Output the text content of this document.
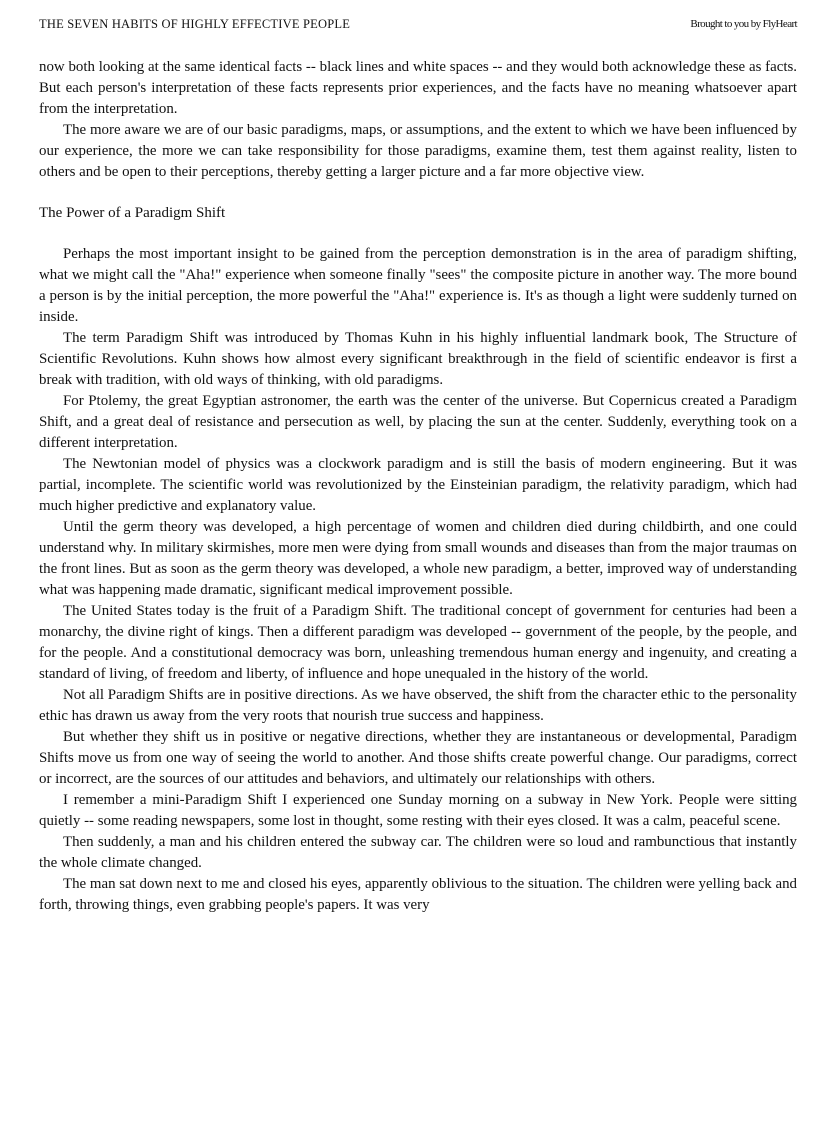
THE SEVEN HABITS OF HIGHLY EFFECTIVE PEOPLE	Brought to you by FlyHeart

now both looking at the same identical facts -- black lines and white spaces -- and they would both acknowledge these as facts. But each person's interpretation of these facts represents prior experiences, and the facts have no meaning whatsoever apart from the interpretation.

The more aware we are of our basic paradigms, maps, or assumptions, and the extent to which we have been influenced by our experience, the more we can take responsibility for those paradigms, examine them, test them against reality, listen to others and be open to their perceptions, thereby getting a larger picture and a far more objective view.

The Power of a Paradigm Shift

Perhaps the most important insight to be gained from the perception demonstration is in the area of paradigm shifting, what we might call the "Aha!" experience when someone finally "sees" the composite picture in another way. The more bound a person is by the initial perception, the more powerful the "Aha!" experience is. It's as though a light were suddenly turned on inside.

The term Paradigm Shift was introduced by Thomas Kuhn in his highly influential landmark book, The Structure of Scientific Revolutions. Kuhn shows how almost every significant breakthrough in the field of scientific endeavor is first a break with tradition, with old ways of thinking, with old paradigms.

For Ptolemy, the great Egyptian astronomer, the earth was the center of the universe. But Copernicus created a Paradigm Shift, and a great deal of resistance and persecution as well, by placing the sun at the center. Suddenly, everything took on a different interpretation.

The Newtonian model of physics was a clockwork paradigm and is still the basis of modern engineering. But it was partial, incomplete. The scientific world was revolutionized by the Einsteinian paradigm, the relativity paradigm, which had much higher predictive and explanatory value.

Until the germ theory was developed, a high percentage of women and children died during childbirth, and one could understand why. In military skirmishes, more men were dying from small wounds and diseases than from the major traumas on the front lines. But as soon as the germ theory was developed, a whole new paradigm, a better, improved way of understanding what was happening made dramatic, significant medical improvement possible.

The United States today is the fruit of a Paradigm Shift. The traditional concept of government for centuries had been a monarchy, the divine right of kings. Then a different paradigm was developed -- government of the people, by the people, and for the people. And a constitutional democracy was born, unleashing tremendous human energy and ingenuity, and creating a standard of living, of freedom and liberty, of influence and hope unequaled in the history of the world.

Not all Paradigm Shifts are in positive directions. As we have observed, the shift from the character ethic to the personality ethic has drawn us away from the very roots that nourish true success and happiness.

But whether they shift us in positive or negative directions, whether they are instantaneous or developmental, Paradigm Shifts move us from one way of seeing the world to another. And those shifts create powerful change. Our paradigms, correct or incorrect, are the sources of our attitudes and behaviors, and ultimately our relationships with others.

I remember a mini-Paradigm Shift I experienced one Sunday morning on a subway in New York. People were sitting quietly -- some reading newspapers, some lost in thought, some resting with their eyes closed. It was a calm, peaceful scene.

Then suddenly, a man and his children entered the subway car. The children were so loud and rambunctious that instantly the whole climate changed.

The man sat down next to me and closed his eyes, apparently oblivious to the situation. The children were yelling back and forth, throwing things, even grabbing people's papers. It was very
